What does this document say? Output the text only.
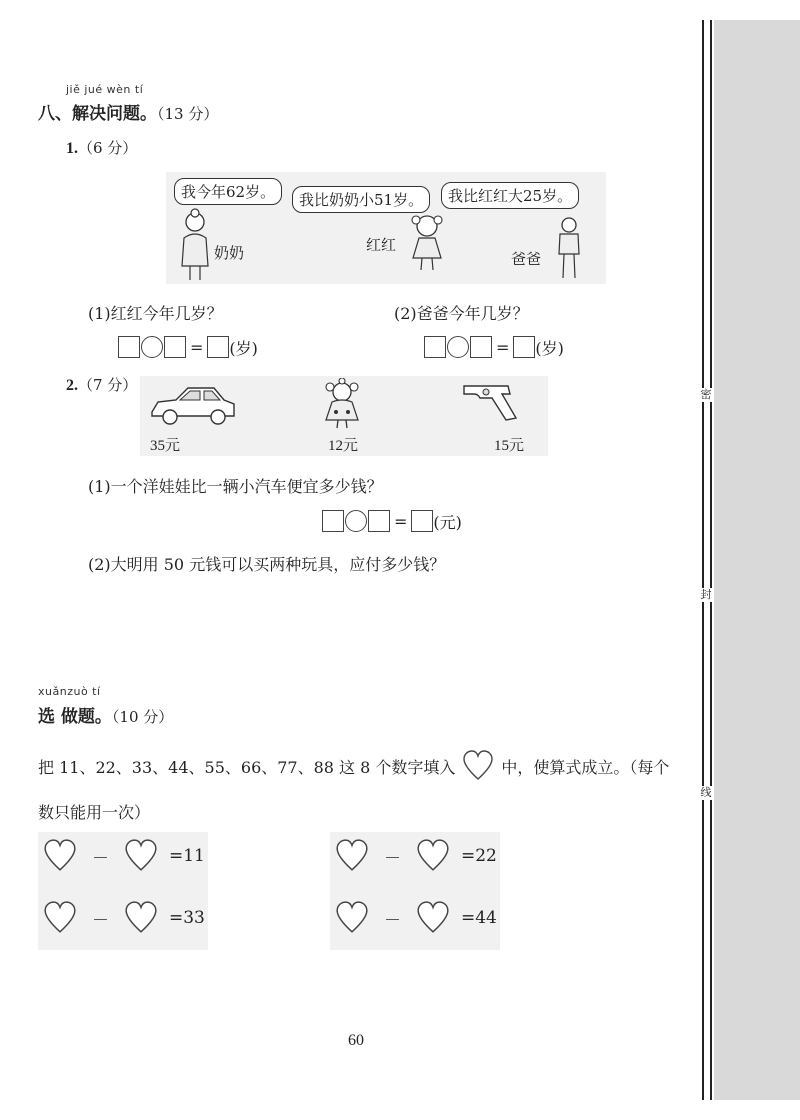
密
封
线
jiě jué wèn tí
八、解决问题。（13 分）
1.（6 分）
我今年62岁。	我比奶奶小51岁。	我比红红大25岁。
奶奶	红红
爸爸
(1)红红今年几岁？	(2)爸爸今年几岁？
= (岁)	= (岁)
2.（7 分）
35元	12元	15元
(1)一个洋娃娃比一辆小汽车便宜多少钱？
= (元)
(2)大明用 50 元钱可以买两种玩具，应付多少钱？
xuǎnzuò tí
选 做题。（10 分）
把 11、22、33、44、55、66、77、88 这 8 个数字填入	中，使算式成立。（每个
数只能用一次）
－	=11	－	=22
－	=33	－	=44
60
